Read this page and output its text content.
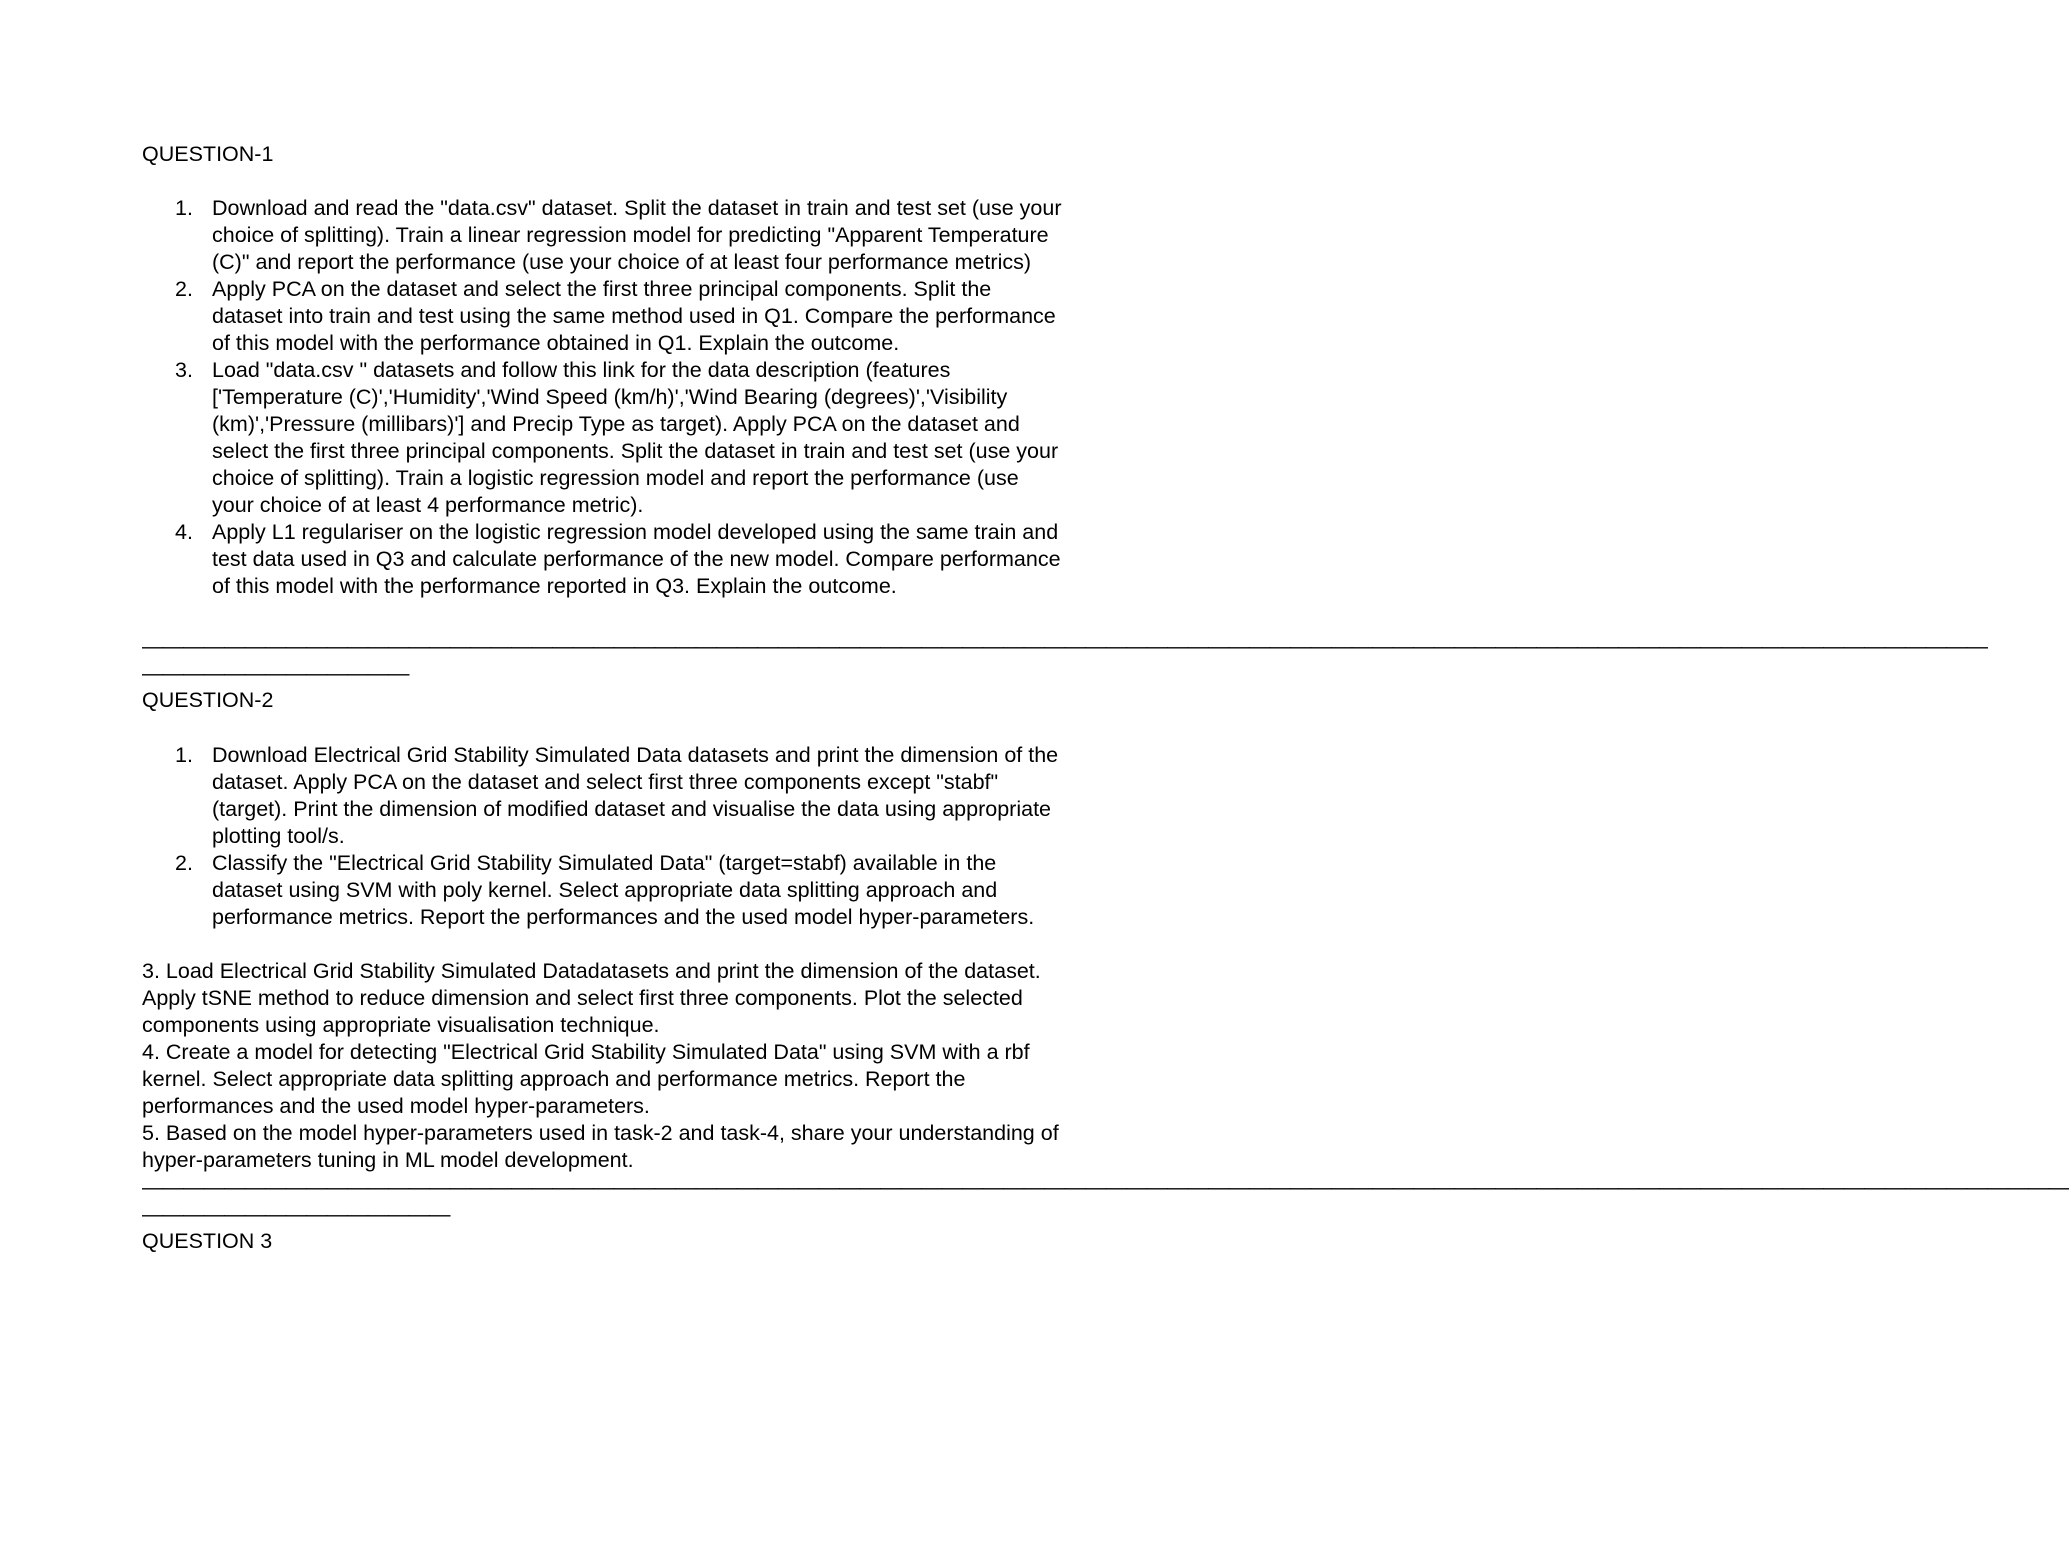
QUESTION-1
1. Download and read the "data.csv" dataset. Split the dataset in train and test set (use your choice of splitting). Train a linear regression model for predicting "Apparent Temperature (C)" and report the performance (use your choice of at least four performance metrics)
2. Apply PCA on the dataset and select the first three principal components. Split the dataset into train and test using the same method used in Q1. Compare the performance of this model with the performance obtained in Q1. Explain the outcome.
3. Load "data.csv " datasets and follow this link for the data description (features ['Temperature (C)','Humidity','Wind Speed (km/h)','Wind Bearing (degrees)','Visibility (km)','Pressure (millibars)'] and Precip Type as target). Apply PCA on the dataset and select the first three principal components. Split the dataset in train and test set (use your choice of splitting). Train a logistic regression model and report the performance (use your choice of at least 4 performance metric).
4. Apply L1 regulariser on the logistic regression model developed using the same train and test data used in Q3 and calculate performance of the new model. Compare performance of this model with the performance reported in Q3. Explain the outcome.

——————————————————————————————————————————————————————————————————————————————————————————

—————————————

QUESTION-2
1. Download Electrical Grid Stability Simulated Data datasets and print the dimension of the dataset. Apply PCA on the dataset and select first three components except "stabf" (target). Print the dimension of modified dataset and visualise the data using appropriate plotting tool/s.
2. Classify the "Electrical Grid Stability Simulated Data" (target=stabf) available in the dataset using SVM with poly kernel. Select appropriate data splitting approach and performance metrics. Report the performances and the used model hyper-parameters.

3. Load Electrical Grid Stability Simulated Datadatasets and print the dimension of the dataset. Apply tSNE method to reduce dimension and select first three components. Plot the selected components using appropriate visualisation technique.

4. Create a model for detecting "Electrical Grid Stability Simulated Data" using SVM with a rbf kernel. Select appropriate data splitting approach and performance metrics. Report the performances and the used model hyper-parameters.

5. Based on the model hyper-parameters used in task-2 and task-4, share your understanding of hyper-parameters tuning in ML model development.

——————————————————————————————————————————————————————————————————————————————————————————————

———————————————

QUESTION 3
